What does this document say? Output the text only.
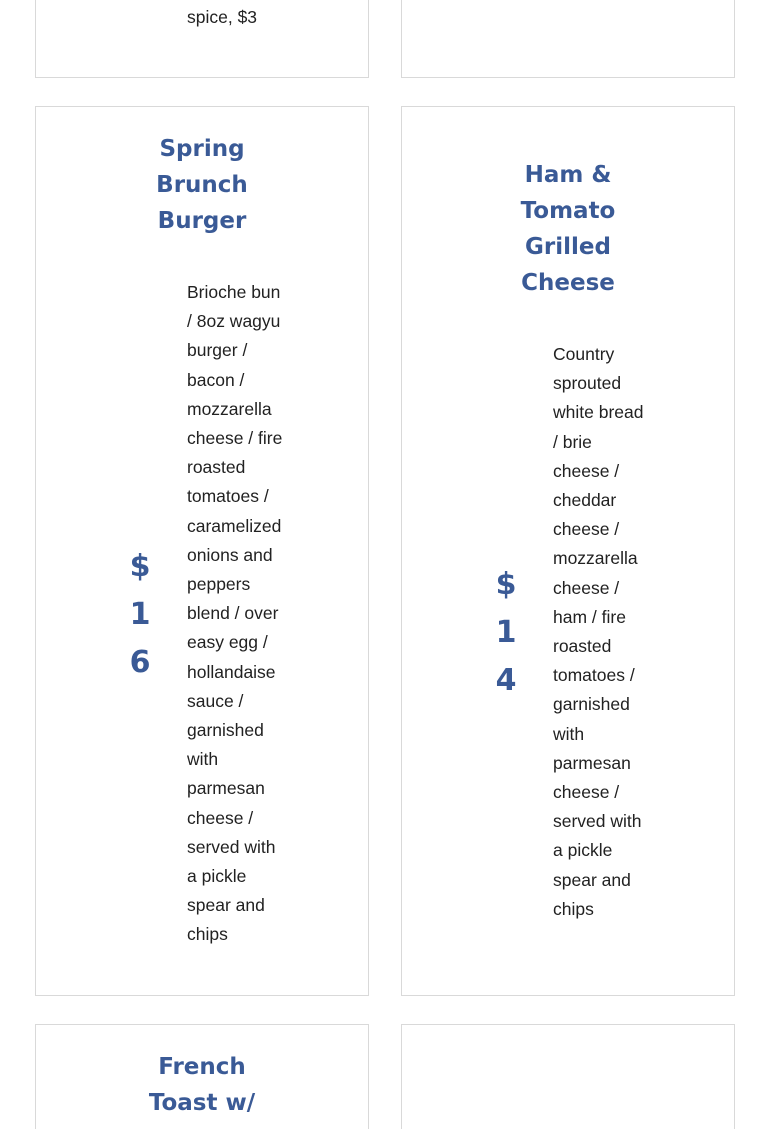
spice, $3

Spring
Brunch
Burger
$
1
6

Brioche bun / 8oz wagyu burger / bacon / mozzarella cheese / fire roasted tomatoes / caramelized onions and peppers blend / over easy egg / hollandaise sauce / garnished with parmesan cheese / served with a pickle spear and chips

Ham &
Tomato
Grilled
Cheese
$
1
4

Country sprouted white bread / brie cheese / cheddar cheese / mozzarella cheese / ham / fire roasted tomatoes / garnished with parmesan cheese / served with a pickle spear and chips

French
Toast w/
